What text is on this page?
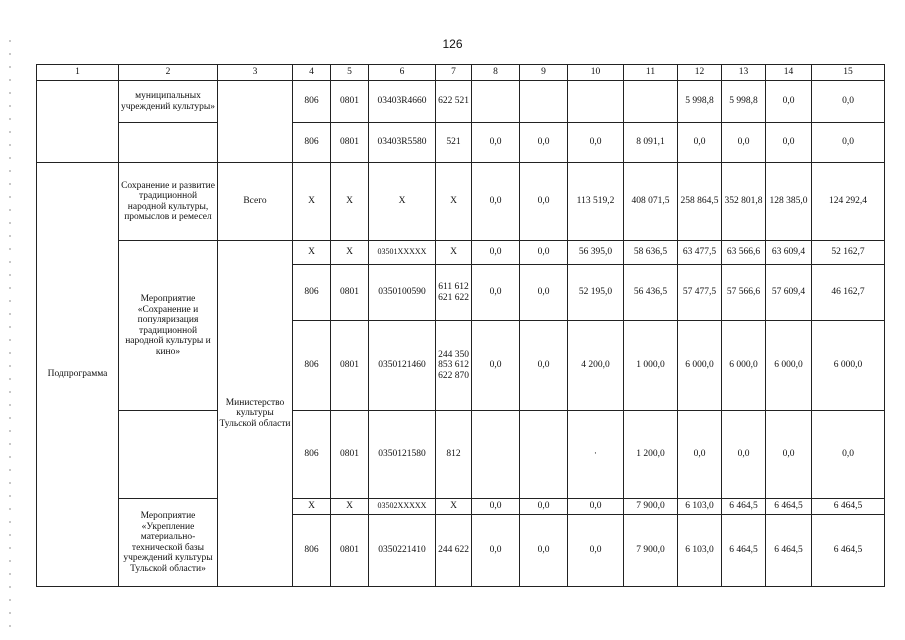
126
1	2	3	4	5	6	7	8	9	10	11	12	13	14	15
	муниципальных учреждений культуры»		806	0801	03403R4660	622 521					5 998,8	5 998,8	0,0	0,0
			806	0801	03403R5580	521	0,0	0,0	0,0	8 091,1	0,0	0,0	0,0	0,0
Подпрограмма	Сохранение и развитие традиционной народной культуры, промыслов и ремесел	Всего	X	X	X	X	0,0	0,0	113 519,2	408 071,5	258 864,5	352 801,8	128 385,0	124 292,4
	Мероприятие «Сохранение и популяризация традиционной народной культуры и кино»	Министерство культуры Тульской области	X	X	03501XXXXX	X	0,0	0,0	56 395,0	58 636,5	63 477,5	63 566,6	63 609,4	52 162,7
			806	0801	0350100590	611 612 621 622	0,0	0,0	52 195,0	56 436,5	57 477,5	57 566,6	57 609,4	46 162,7
			806	0801	0350121460	244 350 853 612 622 870	0,0	0,0	4 200,0	1 000,0	6 000,0	6 000,0	6 000,0	6 000,0
			806	0801	0350121580	812			·	1 200,0	0,0	0,0	0,0	0,0
	Мероприятие «Укрепление материально- технической базы учреждений культуры Тульской области»		X	X	03502XXXXX	X	0,0	0,0	0,0	7 900,0	6 103,0	6 464,5	6 464,5	6 464,5
			806	0801	0350221410	244 622	0,0	0,0	0,0	7 900,0	6 103,0	6 464,5	6 464,5	6 464,5
